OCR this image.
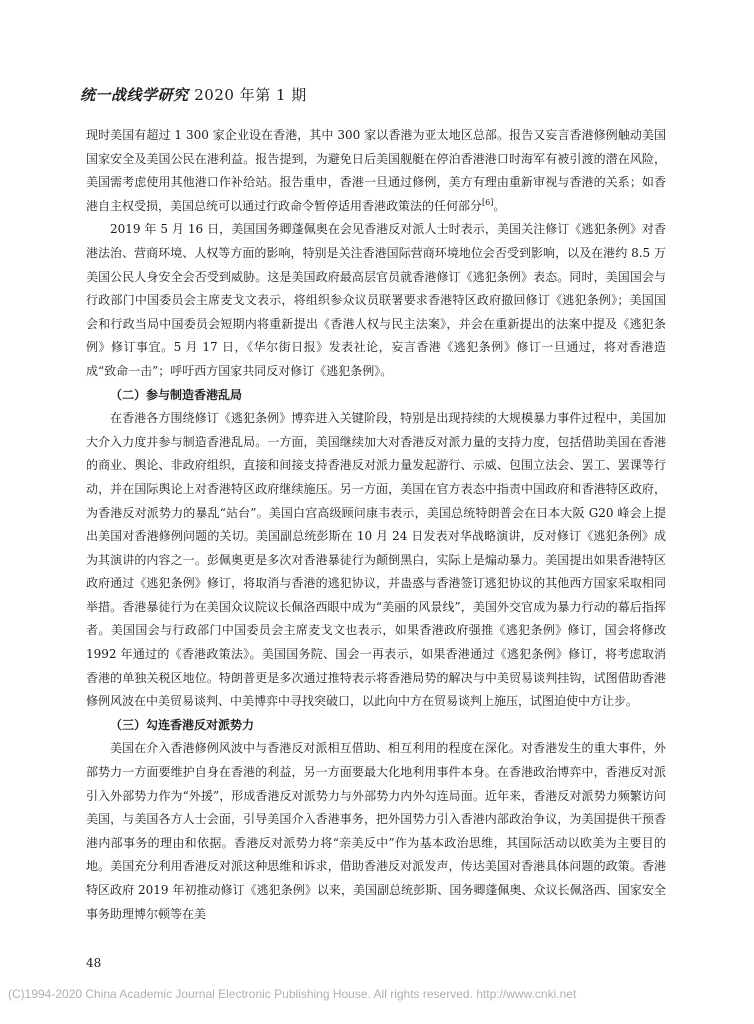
统一战线学研究 2020 年第 1 期

现时美国有超过 1 300 家企业设在香港，其中 300 家以香港为亚太地区总部。报告又妄言香港修例触动美国国家安全及美国公民在港利益。报告提到，为避免日后美国舰艇在停泊香港港口时海军有被引渡的潜在风险，美国需考虑使用其他港口作补给站。报告重申，香港一旦通过修例，美方有理由重新审视与香港的关系；如香港自主权受损，美国总统可以通过行政命令暂停适用香港政策法的任何部分[6]。

2019 年 5 月 16 日，美国国务卿蓬佩奥在会见香港反对派人士时表示，美国关注修订《逃犯条例》对香港法治、营商环境、人权等方面的影响，特别是关注香港国际营商环境地位会否受到影响，以及在港约 8.5 万美国公民人身安全会否受到威胁。这是美国政府最高层官员就香港修订《逃犯条例》表态。同时，美国国会与行政部门中国委员会主席麦戈文表示，将组织参众议员联署要求香港特区政府撤回修订《逃犯条例》；美国国会和行政当局中国委员会短期内将重新提出《香港人权与民主法案》，并会在重新提出的法案中提及《逃犯条例》修订事宜。5 月 17 日，《华尔街日报》发表社论，妄言香港《逃犯条例》修订一旦通过，将对香港造成“致命一击”；呼吁西方国家共同反对修订《逃犯条例》。

（二）参与制造香港乱局

在香港各方围绕修订《逃犯条例》博弈进入关键阶段，特别是出现持续的大规模暴力事件过程中，美国加大介入力度并参与制造香港乱局。一方面，美国继续加大对香港反对派力量的支持力度，包括借助美国在香港的商业、舆论、非政府组织，直接和间接支持香港反对派力量发起游行、示威、包围立法会、罢工、罢课等行动，并在国际舆论上对香港特区政府继续施压。另一方面，美国在官方表态中指责中国政府和香港特区政府，为香港反对派势力的暴乱“站台”。美国白宫高级顾问康韦表示，美国总统特朗普会在日本大阪 G20 峰会上提出美国对香港修例问题的关切。美国副总统彭斯在 10 月 24 日发表对华战略演讲，反对修订《逃犯条例》成为其演讲的内容之一。彭佩奥更是多次对香港暴徒行为颠倒黑白，实际上是煽动暴力。美国提出如果香港特区政府通过《逃犯条例》修订，将取消与香港的逃犯协议，并蛊惑与香港签订逃犯协议的其他西方国家采取相同举措。香港暴徒行为在美国众议院议长佩洛西眼中成为“美丽的风景线”，美国外交官成为暴力行动的幕后指挥者。美国国会与行政部门中国委员会主席麦戈文也表示，如果香港政府强推《逃犯条例》修订，国会将修改 1992 年通过的《香港政策法》。美国国务院、国会一再表示，如果香港通过《逃犯条例》修订，将考虑取消香港的单独关税区地位。特朗普更是多次通过推特表示将香港局势的解决与中美贸易谈判挂钩，试图借助香港修例风波在中美贸易谈判、中美博弈中寻找突破口，以此向中方在贸易谈判上施压，试图迫使中方让步。

（三）勾连香港反对派势力

美国在介入香港修例风波中与香港反对派相互借助、相互利用的程度在深化。对香港发生的重大事件，外部势力一方面要维护自身在香港的利益，另一方面要最大化地利用事件本身。在香港政治博弈中，香港反对派引入外部势力作为“外援”，形成香港反对派势力与外部势力内外勾连局面。近年来，香港反对派势力频繁访问美国，与美国各方人士会面，引导美国介入香港事务，把外国势力引入香港内部政治争议，为美国提供干预香港内部事务的理由和依据。香港反对派势力将“亲美反中”作为基本政治思维，其国际活动以欧美为主要目的地。美国充分利用香港反对派这种思维和诉求，借助香港反对派发声，传达美国对香港具体问题的政策。香港特区政府 2019 年初推动修订《逃犯条例》以来，美国副总统彭斯、国务卿蓬佩奥、众议长佩洛西、国家安全事务助理博尔顿等在美

48
(C)1994-2020 China Academic Journal Electronic Publishing House. All rights reserved. http://www.cnki.net
